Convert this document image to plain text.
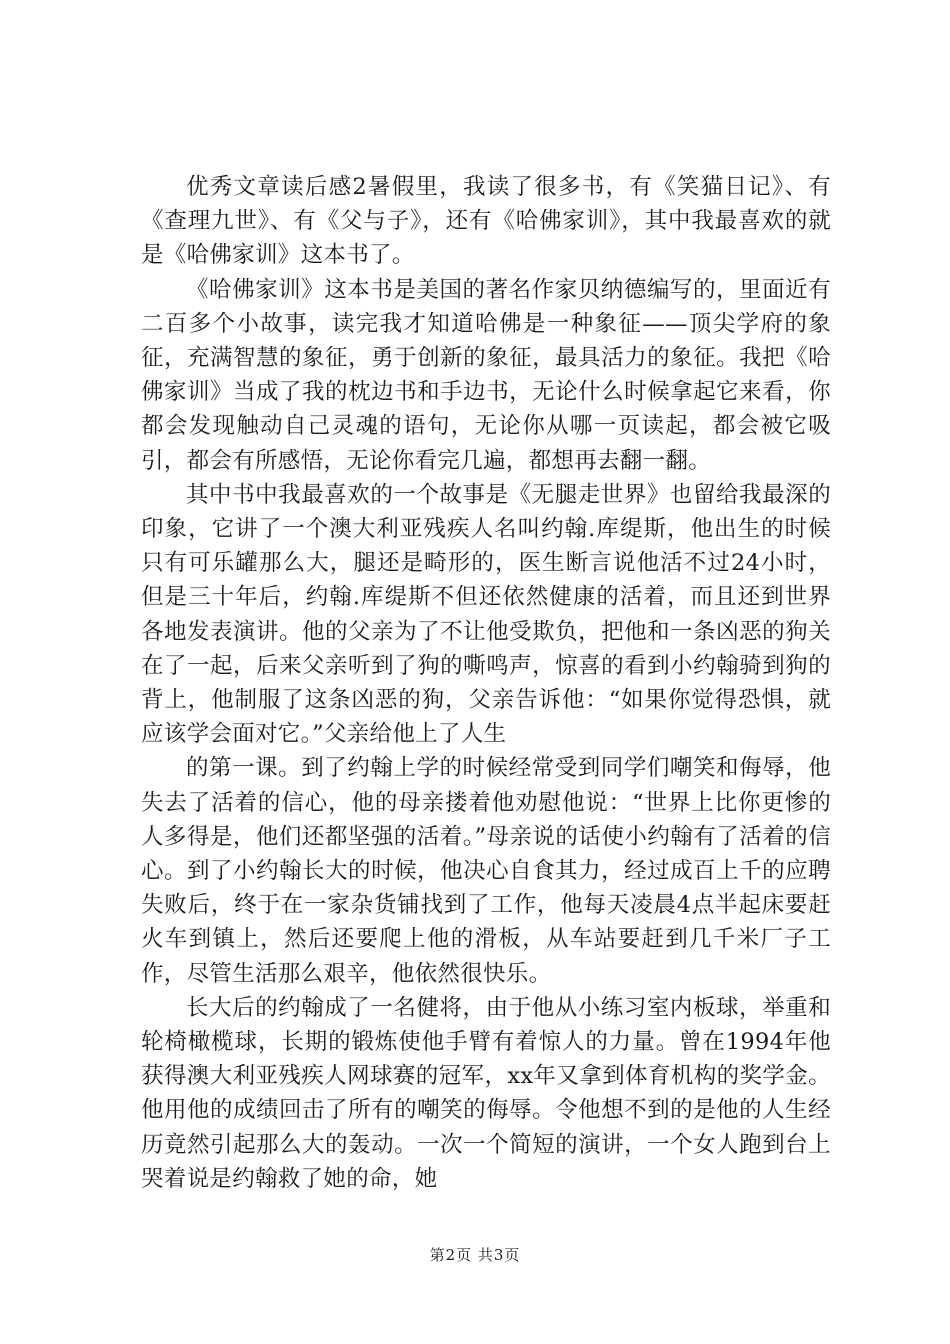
优秀文章读后感2暑假里，我读了很多书，有《笑猫日记》、有《查理九世》、有《父与子》，还有《哈佛家训》，其中我最喜欢的就是《哈佛家训》这本书了。

《哈佛家训》这本书是美国的著名作家贝纳德编写的，里面近有二百多个小故事，读完我才知道哈佛是一种象征——顶尖学府的象征，充满智慧的象征，勇于创新的象征，最具活力的象征。我把《哈佛家训》当成了我的枕边书和手边书，无论什么时候拿起它来看，你都会发现触动自己灵魂的语句，无论你从哪一页读起，都会被它吸引，都会有所感悟，无论你看完几遍，都想再去翻一翻。

其中书中我最喜欢的一个故事是《无腿走世界》也留给我最深的印象，它讲了一个澳大利亚残疾人名叫约翰.库缇斯，他出生的时候只有可乐罐那么大，腿还是畸形的，医生断言说他活不过24小时，但是三十年后，约翰.库缇斯不但还依然健康的活着，而且还到世界各地发表演讲。他的父亲为了不让他受欺负，把他和一条凶恶的狗关在了一起，后来父亲听到了狗的嘶鸣声，惊喜的看到小约翰骑到狗的背上，他制服了这条凶恶的狗，父亲告诉他：“如果你觉得恐惧，就应该学会面对它。”父亲给他上了人生

的第一课。到了约翰上学的时候经常受到同学们嘲笑和侮辱，他失去了活着的信心，他的母亲搂着他劝慰他说：“世界上比你更惨的人多得是，他们还都坚强的活着。”母亲说的话使小约翰有了活着的信心。到了小约翰长大的时候，他决心自食其力，经过成百上千的应聘失败后，终于在一家杂货铺找到了工作，他每天凌晨4点半起床要赶火车到镇上，然后还要爬上他的滑板，从车站要赶到几千米厂子工作，尽管生活那么艰辛，他依然很快乐。

长大后的约翰成了一名健将，由于他从小练习室内板球，举重和轮椅橄榄球，长期的锻炼使他手臂有着惊人的力量。曾在1994年他获得澳大利亚残疾人网球赛的冠军，xx年又拿到体育机构的奖学金。他用他的成绩回击了所有的嘲笑的侮辱。令他想不到的是他的人生经历竟然引起那么大的轰动。一次一个简短的演讲，一个女人跑到台上哭着说是约翰救了她的命，她

第2页 共3页
